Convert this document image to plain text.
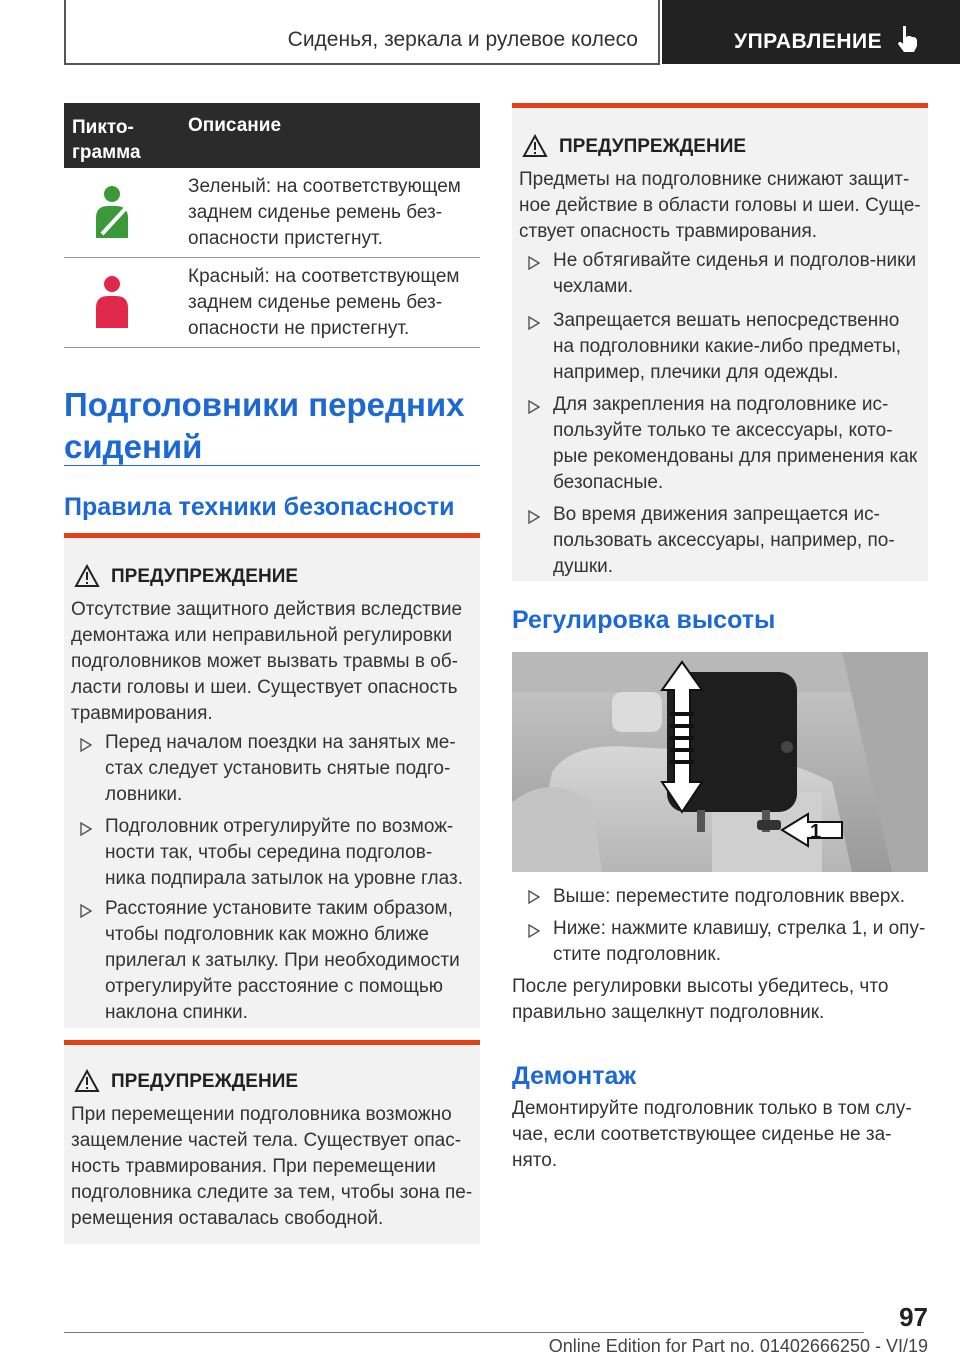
Сиденья, зеркала и рулевое колесо	УПРАВЛЕНИЕ
Пикто-грамма
Описание
Зеленый: на соответствующем заднем сиденье ремень без-опасности пристегнут.
Красный: на соответствующем заднем сиденье ремень без-опасности не пристегнут.
Подголовники передних сидений
Правила техники безопасности
ПРЕДУПРЕЖДЕНИЕ
Отсутствие защитного действия вследствие демонтажа или неправильной регулировки подголовников может вызвать травмы в об-ласти головы и шеи. Существует опасность травмирования.
Перед началом поездки на занятых ме-стах следует установить снятые подго-ловники.
Подголовник отрегулируйте по возмож-ности так, чтобы середина подголов-ника подпирала затылок на уровне глаз.
Расстояние установите таким образом, чтобы подголовник как можно ближе прилегал к затылку. При необходимости отрегулируйте расстояние с помощью наклона спинки.
ПРЕДУПРЕЖДЕНИЕ
При перемещении подголовника возможно защемление частей тела. Существует опас-ность травмирования. При перемещении подголовника следите за тем, чтобы зона пе-ремещения оставалась свободной.
ПРЕДУПРЕЖДЕНИЕ
Предметы на подголовнике снижают защит-ное действие в области головы и шеи. Суще-ствует опасность травмирования.
Не обтягивайте сиденья и подголов-ники чехлами.
Запрещается вешать непосредственно на подголовники какие-либо предметы, например, плечики для одежды.
Для закрепления на подголовнике ис-пользуйте только те аксессуары, кото-рые рекомендованы для применения как безопасные.
Во время движения запрещается ис-пользовать аксессуары, например, по-душки.
Регулировка высоты
1
Выше: переместите подголовник вверх.
Ниже: нажмите клавишу, стрелка 1, и опу-стите подголовник.
После регулировки высоты убедитесь, что правильно защелкнут подголовник.
Демонтаж
Демонтируйте подголовник только в том слу-чае, если соответствующее сиденье не за-нято.
97
Online Edition for Part no. 01402666250 - VI/19
